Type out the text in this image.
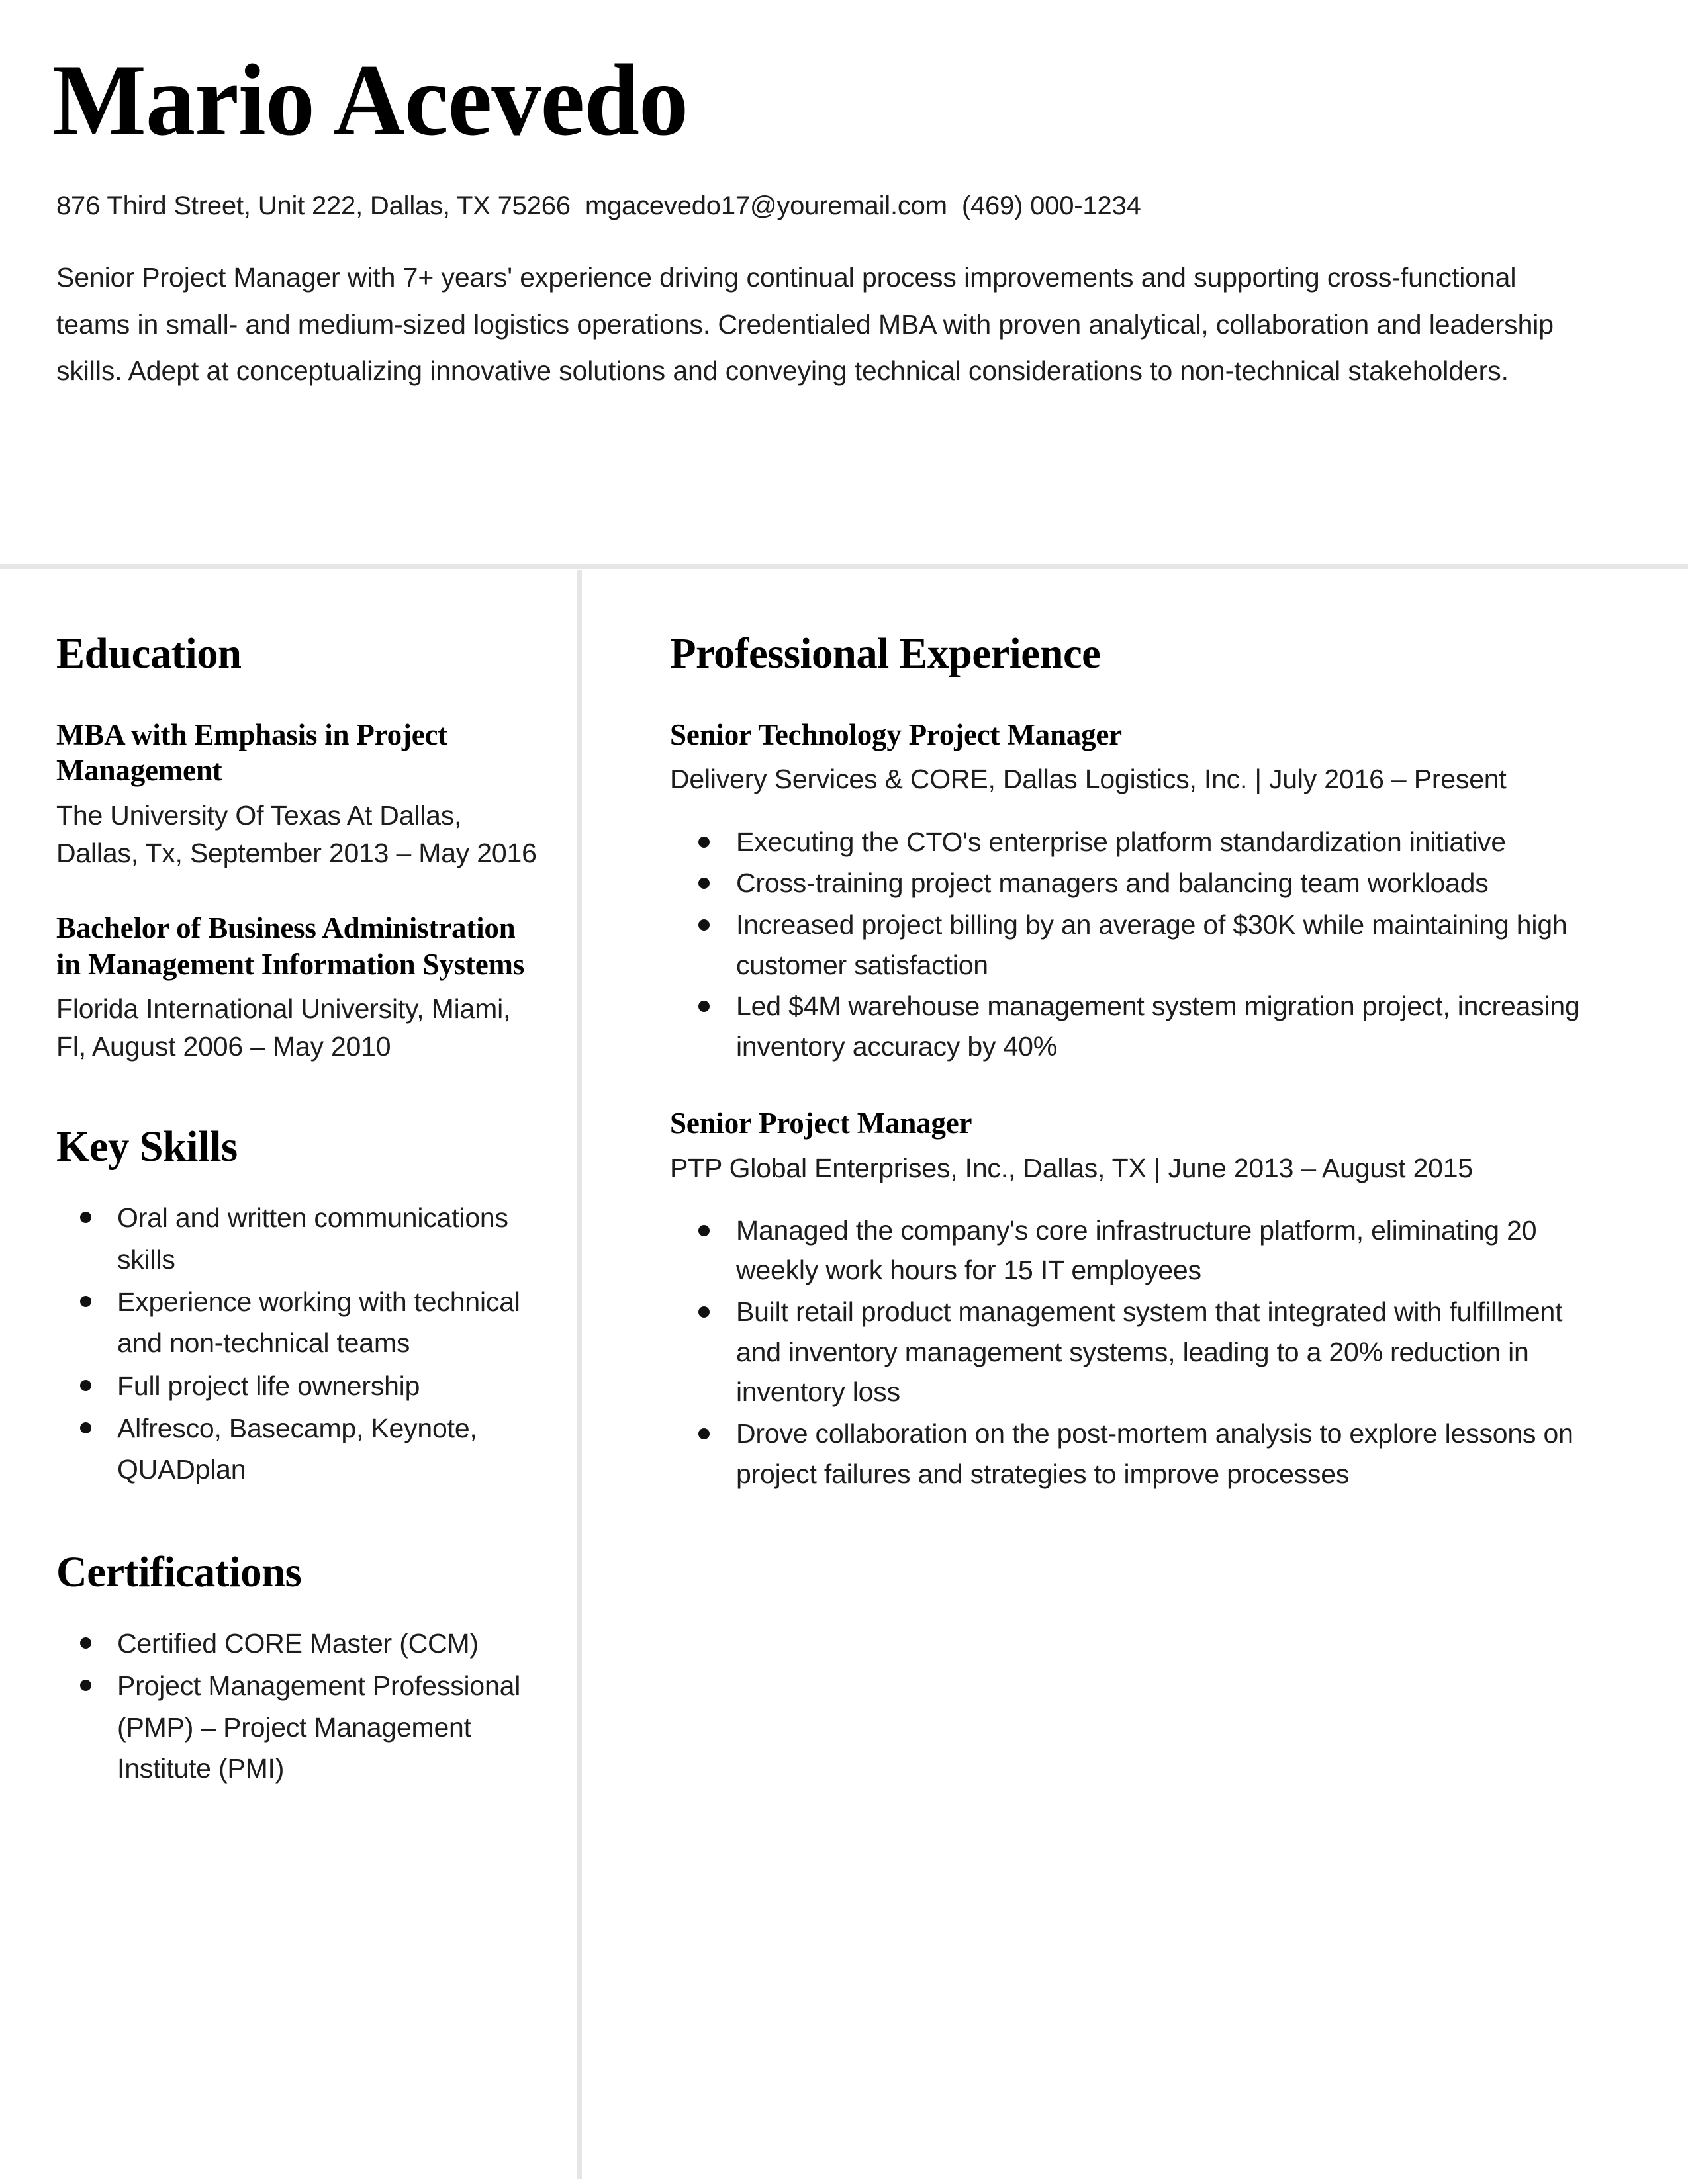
Mario Acevedo
876 Third Street, Unit 222, Dallas, TX 75266 mgacevedo17@youremail.com (469) 000-1234

Senior Project Manager with 7+ years' experience driving continual process improvements and supporting cross-functional teams in small- and medium-sized logistics operations. Credentialed MBA with proven analytical, collaboration and leadership skills. Adept at conceptualizing innovative solutions and conveying technical considerations to non-technical stakeholders.

Education
MBA with Emphasis in Project Management
The University Of Texas At Dallas, Dallas, Tx, September 2013 – May 2016
Bachelor of Business Administration in Management Information Systems
Florida International University, Miami, Fl, August 2006 – May 2010
Key Skills
Oral and written communications skills
Experience working with technical and non-technical teams
Full project life ownership
Alfresco, Basecamp, Keynote, QUADplan
Certifications
Certified CORE Master (CCM)
Project Management Professional (PMP) – Project Management Institute (PMI)
Professional Experience
Senior Technology Project Manager
Delivery Services & CORE, Dallas Logistics, Inc. | July 2016 – Present
Executing the CTO's enterprise platform standardization initiative
Cross-training project managers and balancing team workloads
Increased project billing by an average of $30K while maintaining high customer satisfaction
Led $4M warehouse management system migration project, increasing inventory accuracy by 40%
Senior Project Manager
PTP Global Enterprises, Inc., Dallas, TX | June 2013 – August 2015
Managed the company's core infrastructure platform, eliminating 20 weekly work hours for 15 IT employees
Built retail product management system that integrated with fulfillment and inventory management systems, leading to a 20% reduction in inventory loss
Drove collaboration on the post-mortem analysis to explore lessons on project failures and strategies to improve processes
